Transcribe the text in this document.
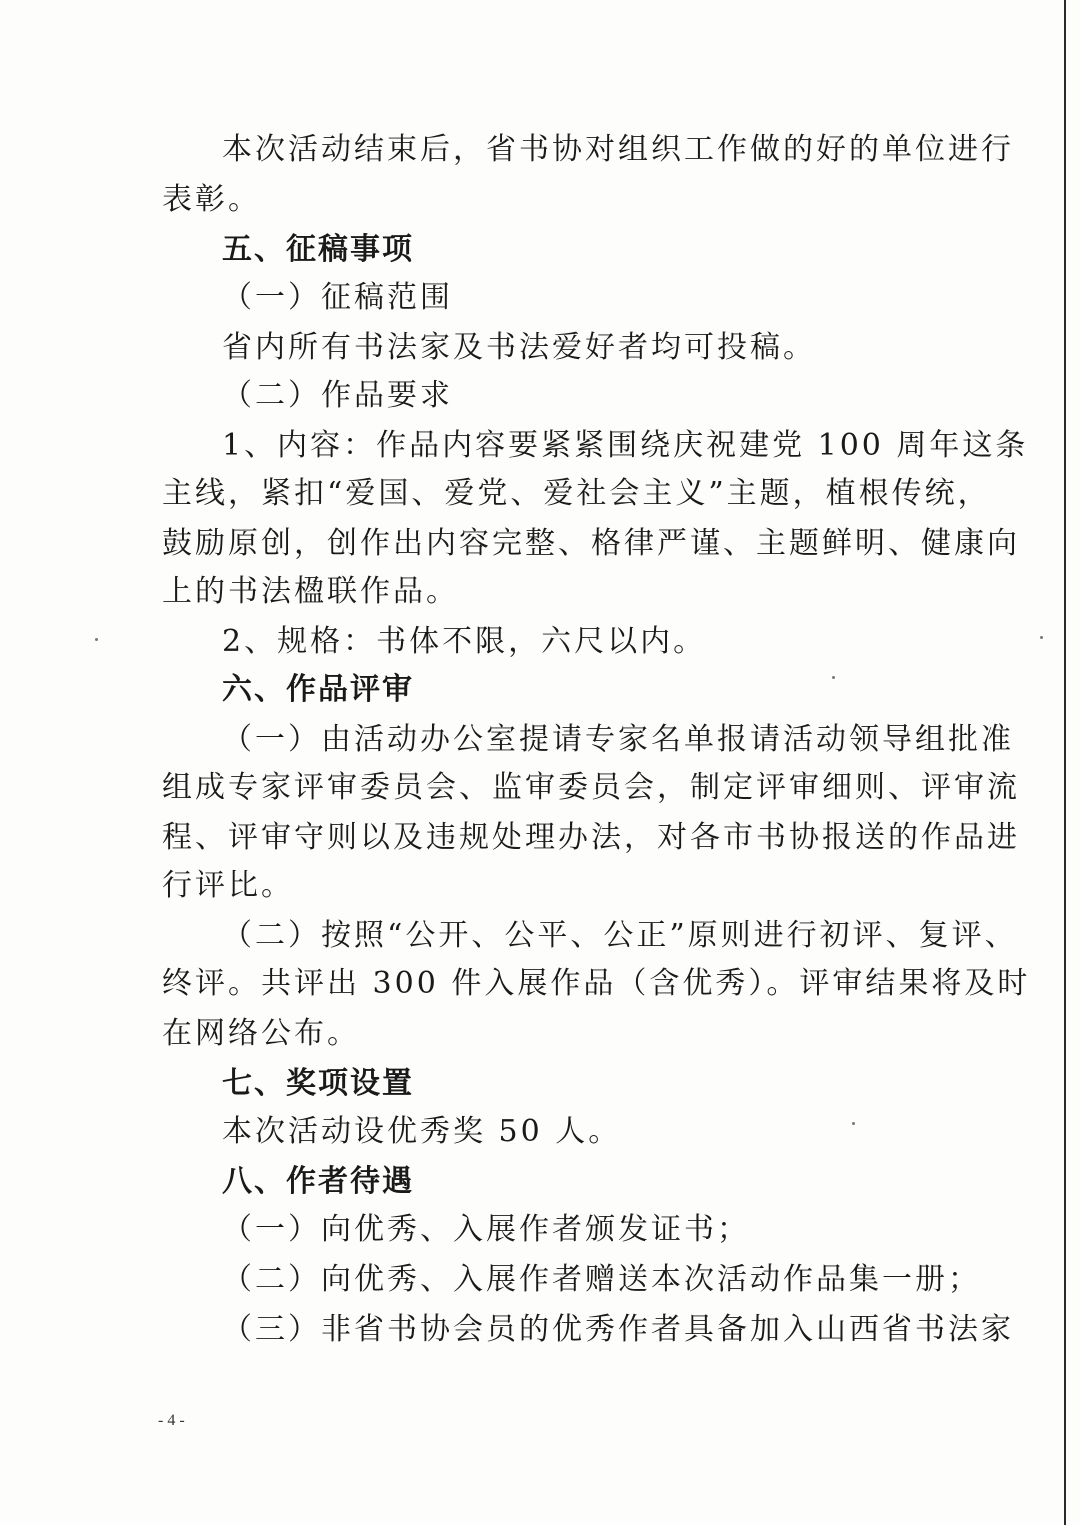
本次活动结束后，省书协对组织工作做的好的单位进行
表彰。
五、征稿事项
（一）征稿范围
省内所有书法家及书法爱好者均可投稿。
（二）作品要求
1、内容：作品内容要紧紧围绕庆祝建党 100 周年这条
主线，紧扣“爱国、爱党、爱社会主义”主题，植根传统，
鼓励原创，创作出内容完整、格律严谨、主题鲜明、健康向
上的书法楹联作品。
2、规格：书体不限，六尺以内。
六、作品评审
（一）由活动办公室提请专家名单报请活动领导组批准
组成专家评审委员会、监审委员会，制定评审细则、评审流
程、评审守则以及违规处理办法，对各市书协报送的作品进
行评比。
（二）按照“公开、公平、公正”原则进行初评、复评、
终评。共评出 300 件入展作品（含优秀）。评审结果将及时
在网络公布。
七、奖项设置
本次活动设优秀奖 50 人。
八、作者待遇
（一）向优秀、入展作者颁发证书；
（二）向优秀、入展作者赠送本次活动作品集一册；
（三）非省书协会员的优秀作者具备加入山西省书法家
- 4 -
